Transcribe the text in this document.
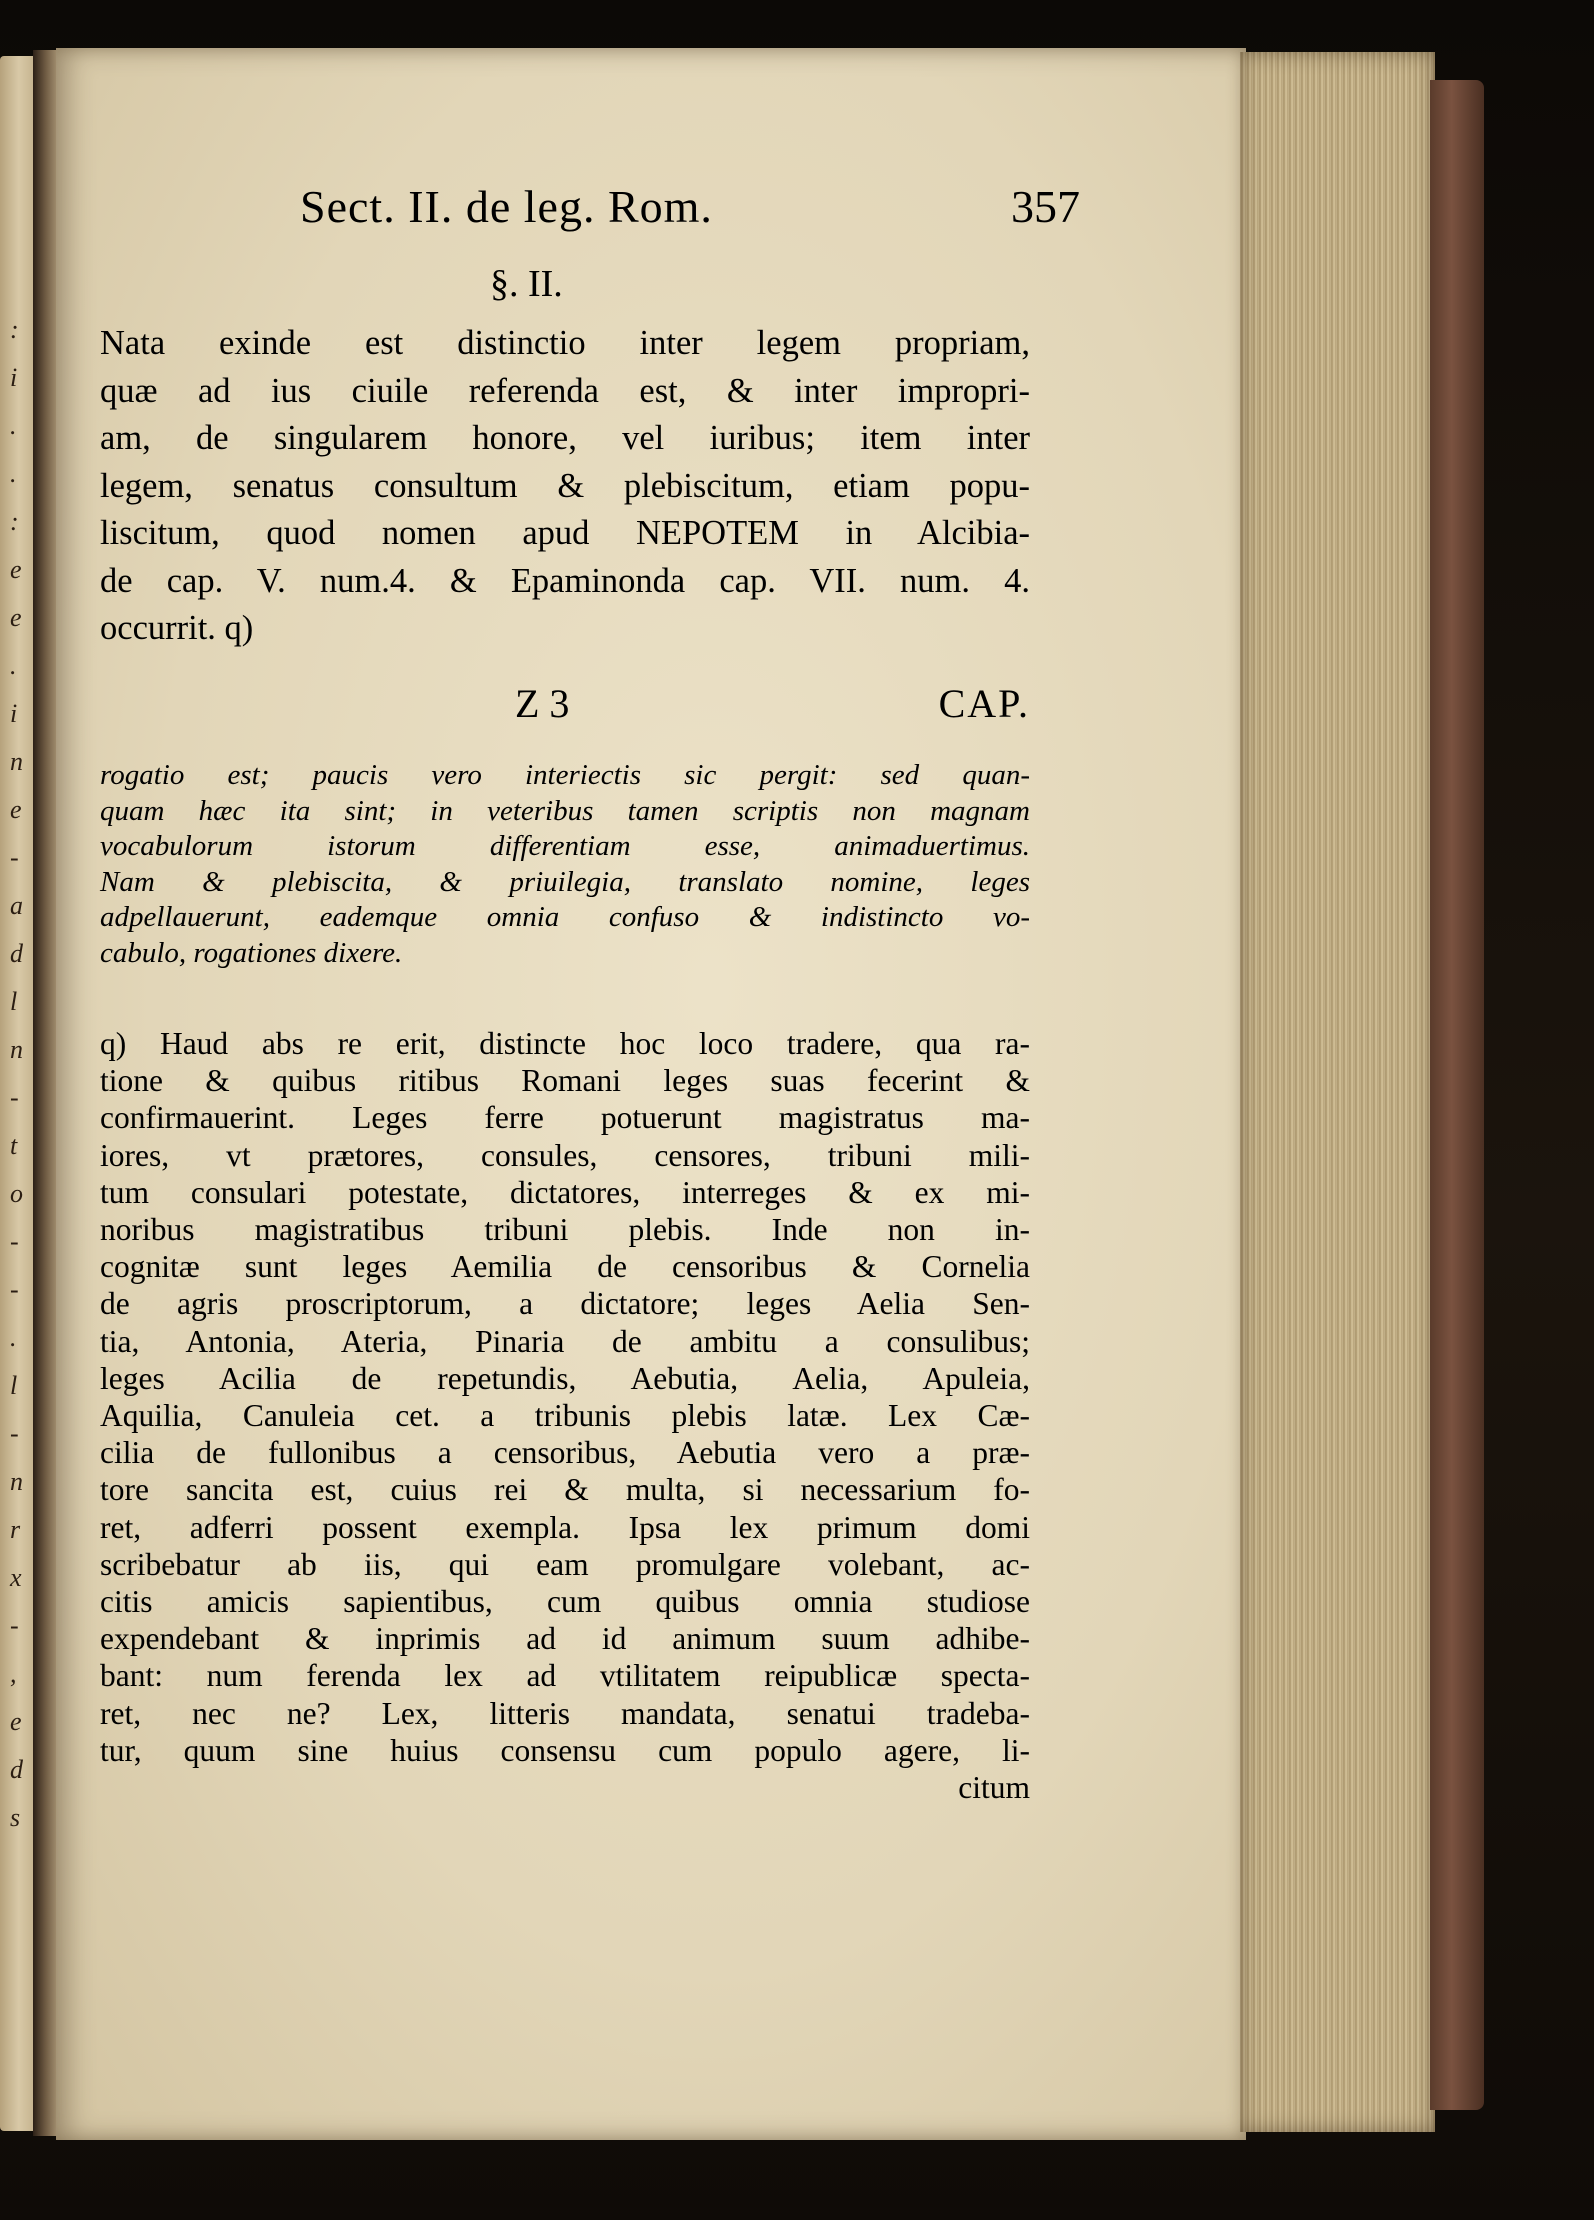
:
i
.
.
:
e
e
.
i
n
e
-
a
d
l
n
-
t
o
-
-
.
l
-
n
r
x
-
,
e
d
s
Sect. II. de leg. Rom.	357
§. II.
Nata exinde est distinctio inter legem propriam,
quæ ad ius ciuile referenda est, & inter impropri-
am, de singularem honore, vel iuribus; item inter
legem, senatus consultum & plebiscitum, etiam popu-
liscitum, quod nomen apud NEPOTEM in Alcibia-
de cap. V. num.4. & Epaminonda cap. VII. num. 4.
occurrit. q)
Z 3	CAP.
rogatio est; paucis vero interiectis sic pergit: sed quan-
quam hæc ita sint; in veteribus tamen scriptis non magnam
vocabulorum istorum differentiam esse, animaduertimus.
Nam & plebiscita, & priuilegia, translato nomine, leges
adpellauerunt, eademque omnia confuso & indistincto vo-
cabulo, rogationes dixere.
q) Haud abs re erit, distincte hoc loco tradere, qua ra-
tione & quibus ritibus Romani leges suas fecerint &
confirmauerint. Leges ferre potuerunt magistratus ma-
iores, vt prætores, consules, censores, tribuni mili-
tum consulari potestate, dictatores, interreges & ex mi-
noribus magistratibus tribuni plebis. Inde non in-
cognitæ sunt leges Aemilia de censoribus & Cornelia
de agris proscriptorum, a dictatore; leges Aelia Sen-
tia, Antonia, Ateria, Pinaria de ambitu a consulibus;
leges Acilia de repetundis, Aebutia, Aelia, Apuleia,
Aquilia, Canuleia cet. a tribunis plebis latæ. Lex Cæ-
cilia de fullonibus a censoribus, Aebutia vero a præ-
tore sancita est, cuius rei & multa, si necessarium fo-
ret, adferri possent exempla. Ipsa lex primum domi
scribebatur ab iis, qui eam promulgare volebant, ac-
citis amicis sapientibus, cum quibus omnia studiose
expendebant & inprimis ad id animum suum adhibe-
bant: num ferenda lex ad vtilitatem reipublicæ specta-
ret, nec ne? Lex, litteris mandata, senatui tradeba-
tur, quum sine huius consensu cum populo agere, li-
citum
